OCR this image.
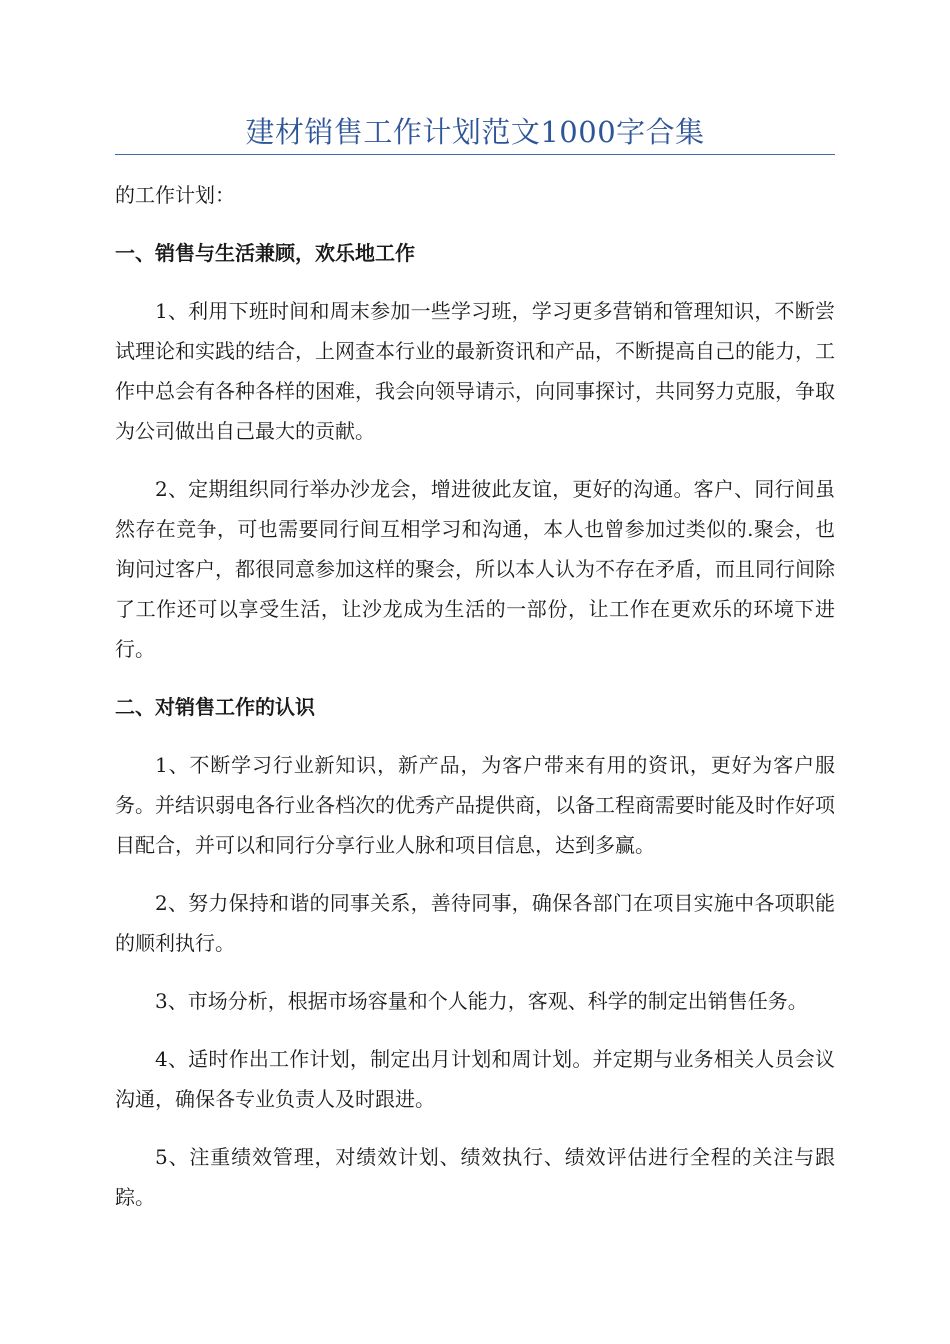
建材销售工作计划范文1000字合集

的工作计划：

一、销售与生活兼顾，欢乐地工作

1、利用下班时间和周末参加一些学习班，学习更多营销和管理知识，不断尝试理论和实践的结合，上网查本行业的最新资讯和产品，不断提高自己的能力，工作中总会有各种各样的困难，我会向领导请示，向同事探讨，共同努力克服，争取为公司做出自己最大的贡献。

2、定期组织同行举办沙龙会，增进彼此友谊，更好的沟通。客户、同行间虽然存在竞争，可也需要同行间互相学习和沟通，本人也曾参加过类似的.聚会，也询问过客户，都很同意参加这样的聚会，所以本人认为不存在矛盾，而且同行间除了工作还可以享受生活，让沙龙成为生活的一部份，让工作在更欢乐的环境下进行。

二、对销售工作的认识

1、不断学习行业新知识，新产品，为客户带来有用的资讯，更好为客户服务。并结识弱电各行业各档次的优秀产品提供商，以备工程商需要时能及时作好项目配合，并可以和同行分享行业人脉和项目信息，达到多赢。

2、努力保持和谐的同事关系，善待同事，确保各部门在项目实施中各项职能的顺利执行。

3、市场分析，根据市场容量和个人能力，客观、科学的制定出销售任务。

4、适时作出工作计划，制定出月计划和周计划。并定期与业务相关人员会议沟通，确保各专业负责人及时跟进。

5、注重绩效管理，对绩效计划、绩效执行、绩效评估进行全程的关注与跟踪。
